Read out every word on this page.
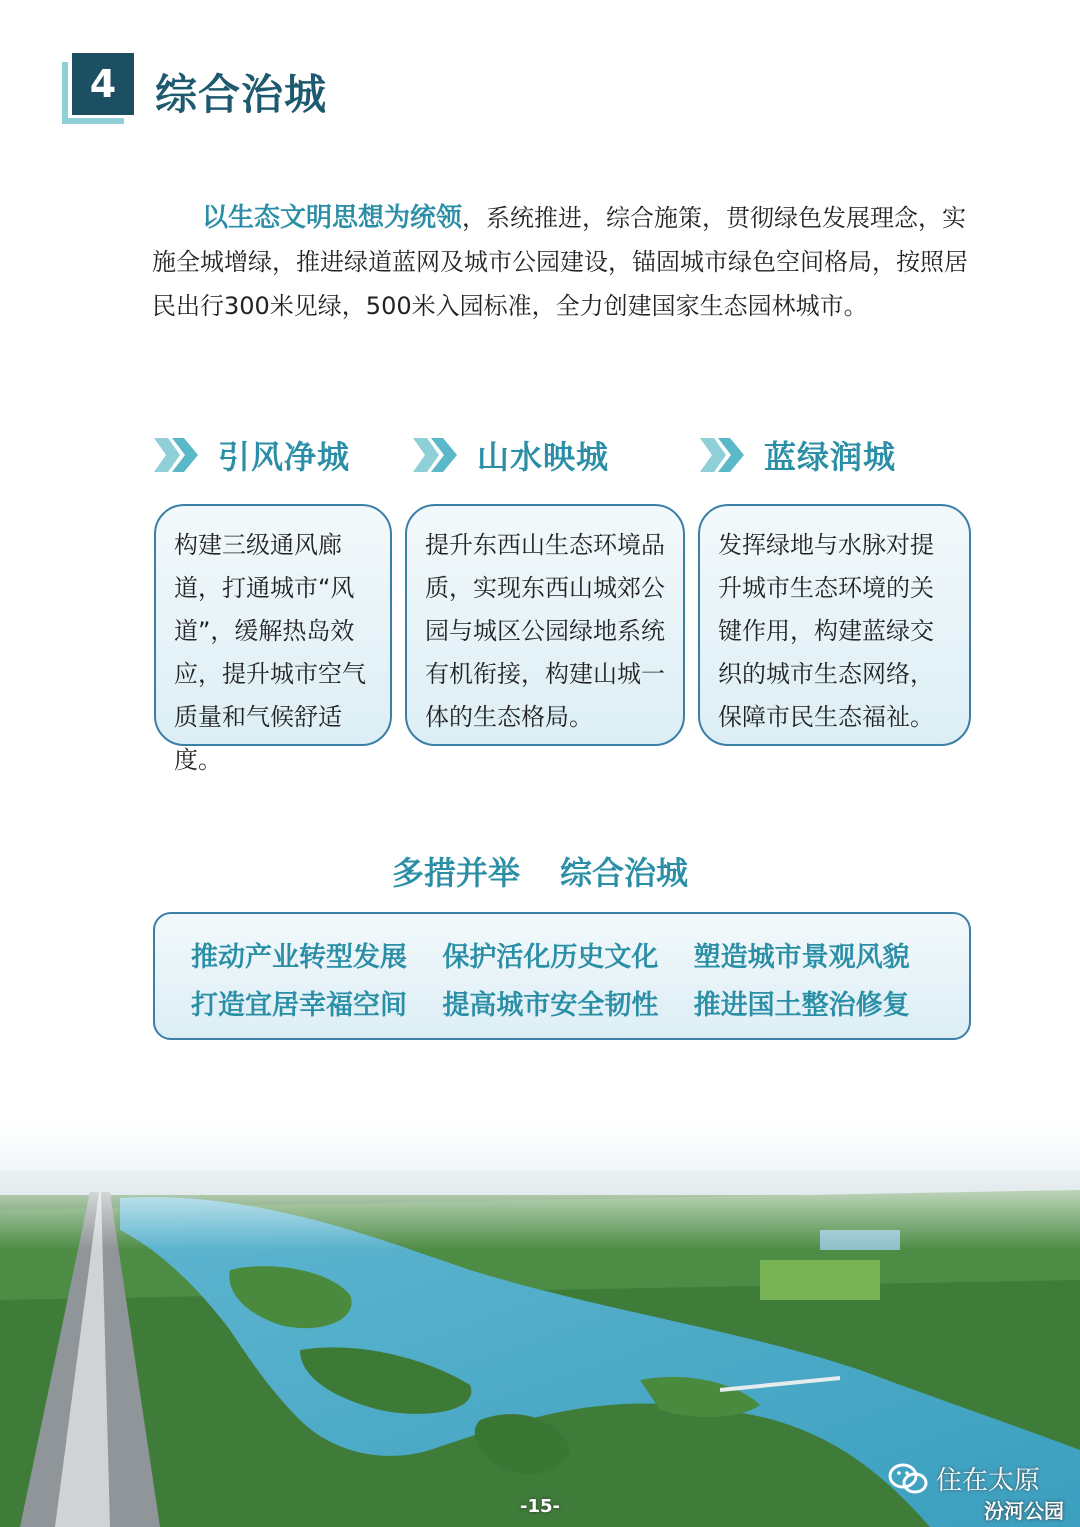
4 综合治城
以生态文明思想为统领，系统推进，综合施策，贯彻绿色发展理念，实施全城增绿，推进绿道蓝网及城市公园建设，锚固城市绿色空间格局，按照居民出行300米见绿，500米入园标准，全力创建国家生态园林城市。
引风净城	山水映城	蓝绿润城
构建三级通风廊道，打通城市“风道”，缓解热岛效应，提升城市空气质量和气候舒适度。
提升东西山生态环境品质，实现东西山城郊公园与城区公园绿地系统有机衔接，构建山城一体的生态格局。
发挥绿地与水脉对提升城市生态环境的关键作用，构建蓝绿交织的城市生态网络，保障市民生态福祉。
多措并举 综合治城
推动产业转型发展	保护活化历史文化	塑造城市景观风貌
打造宜居幸福空间	提高城市安全韧性	推进国土整治修复
住在太原
-15-	汾河公园
